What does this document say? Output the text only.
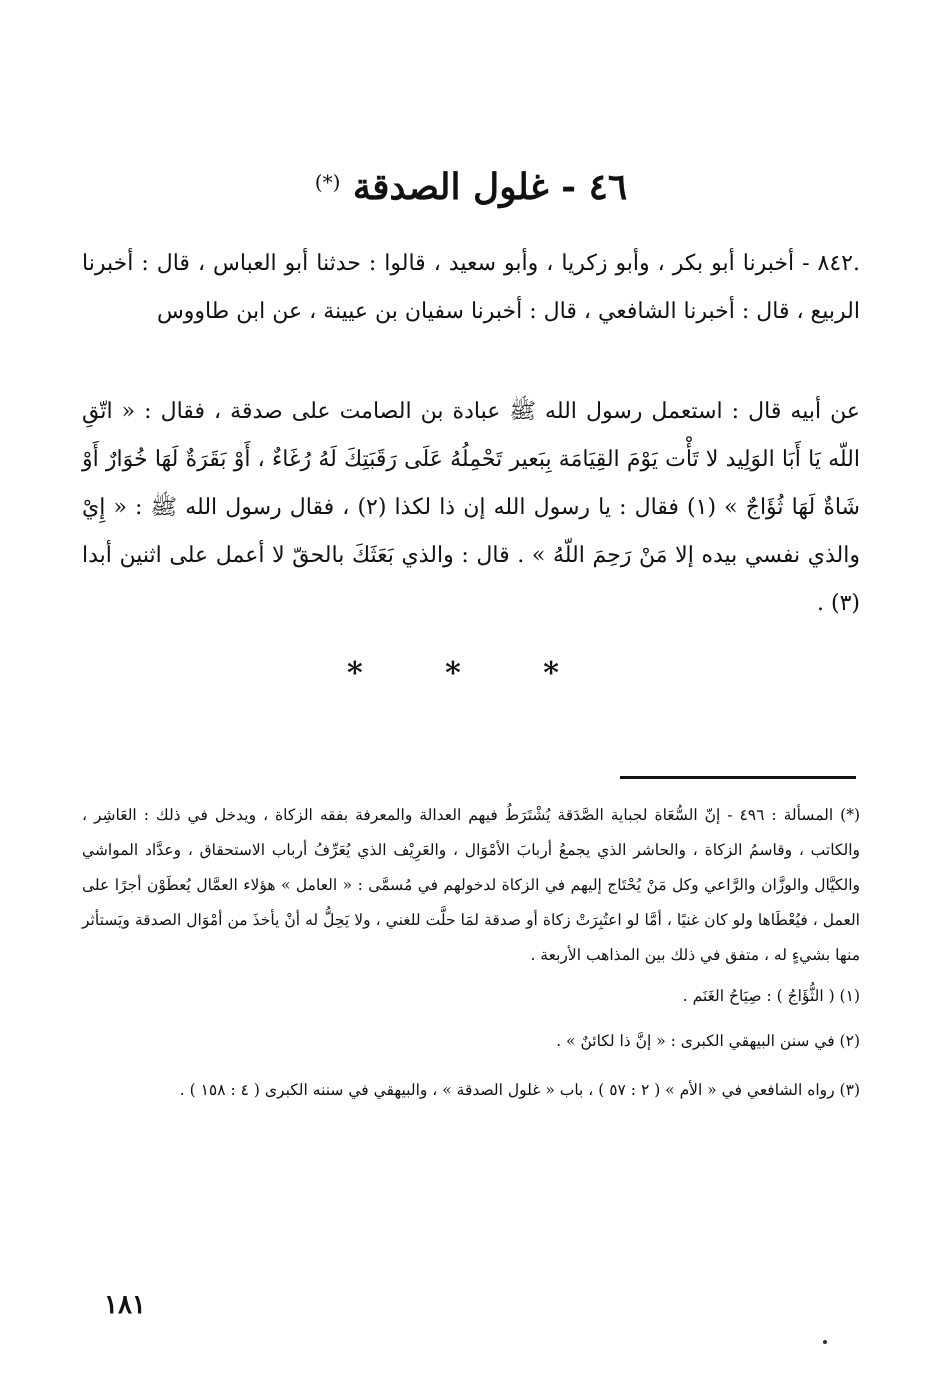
٤٦ - غلول الصدقة (*)

.٨٤٢ - أخبرنا أبو بكر ، وأبو زكريا ، وأبو سعيد ، قالوا : حدثنا أبو العباس ، قال : أخبرنا الربيع ، قال : أخبرنا الشافعي ، قال : أخبرنا سفيان بن عيينة ، عن ابن طاووس

عن أبيه قال : استعمل رسول الله ﷺ عبادة بن الصامت على صدقة ، فقال : « اتّقِ اللّه يَا أَبَا الوَلِيد لا تَأْت يَوْمَ القِيَامَة بِبَعير تَحْمِلُهُ عَلَى رَقَبَتِكَ لَهُ رُغَاءٌ ، أَوْ بَقَرَةٌ لَهَا خُوَارٌ أَوْ شَاةٌ لَهَا ثُؤَاجٌ » (١) فقال : يا رسول الله إن ذا لكذا (٢) ، فقال رسول الله ﷺ : « إِيْ والذي نفسي بيده إلا مَنْ رَحِمَ اللّهُ » . قال : والذي بَعَثَكَ بالحقّ لا أعمل على اثنين أبدا (٣) .

* * *

(*) المسألة : ٤٩٦ - إنّ السُّعَاة لجباية الصَّدَقة يُشْتَرَطُ فيهم العدالة والمعرفة بفقه الزكاة ، ويدخل في ذلك : العَاشِر ، والكاتب ، وقاسمُ الزكاة ، والحاشر الذي يجمعُ أربابَ الأمْوَال ، والعَرِيْف الذي يُعَرِّفُ أرباب الاستحقاق ، وعدَّاد المواشي والكيَّال والوزَّان والرَّاعي وكل مَنْ يُحْتَاج إليهم في الزكاة لدخولهم في مُسمَّى : « العامل » هؤلاء العمَّال يُعطَوْن أجرًا على العمل ، فيُعْطَاها ولو كان غنيًا ، أمَّا لو اعتُبِرَتْ زكاة أو صدقة لمَا حلَّت للغني ، ولا يَحِلُّ له أنْ يأخذَ من أمْوَال الصدقة ويَستأثر منها بشيءٍ له ، متفق في ذلك بين المذاهب الأربعة .

(١) ( الثُّؤَاجُ ) : صِيَاحُ الغَنَم .

(٢) في سنن البيهقي الكبرى : « إنَّ ذا لكائنٌ » .

(٣) رواه الشافعي في « الأم » ( ٢ : ٥٧ ) ، باب « غلول الصدقة » ، والبيهقي في سننه الكبرى ( ٤ : ١٥٨ ) .

١٨١
